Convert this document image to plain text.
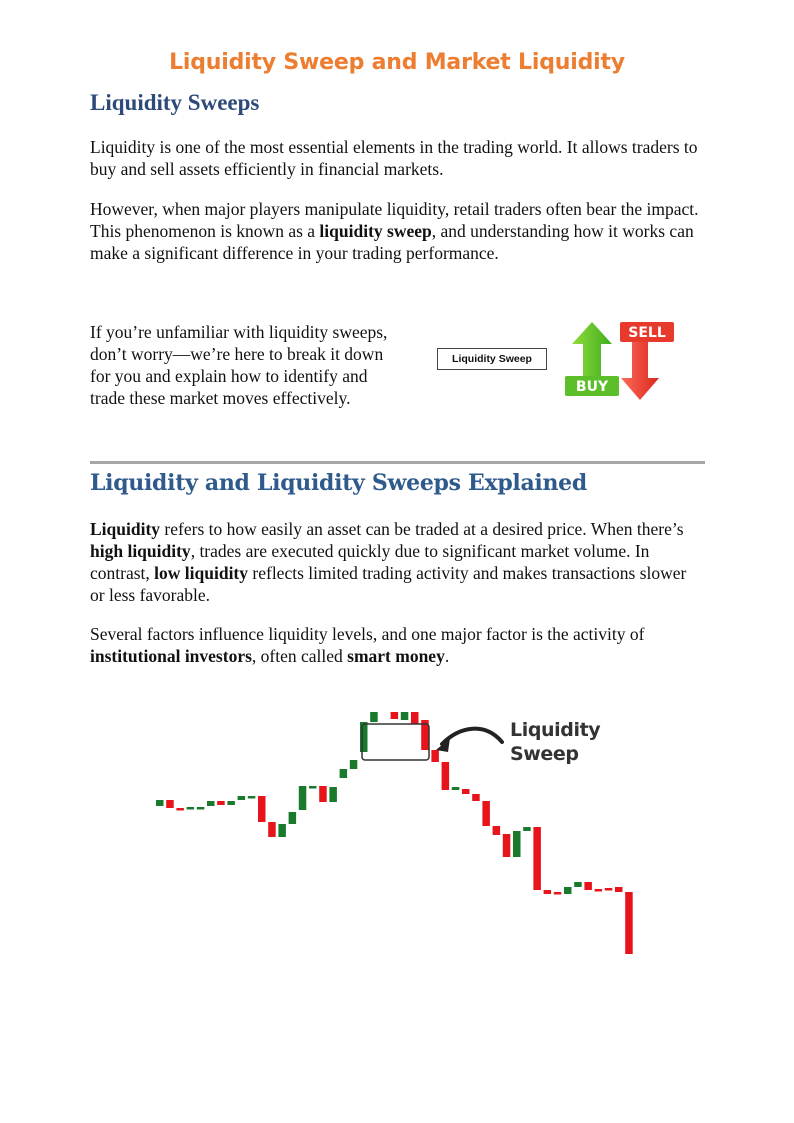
Liquidity Sweep and Market Liquidity
Liquidity Sweeps

Liquidity is one of the most essential elements in the trading world. It allows traders to buy and sell assets efficiently in financial markets.

However, when major players manipulate liquidity, retail traders often bear the impact. This phenomenon is known as a liquidity sweep, and understanding how it works can make a significant difference in your trading performance.

If you’re unfamiliar with liquidity sweeps, don’t worry—we’re here to break it down for you and explain how to identify and trade these market moves effectively.

Liquidity Sweep
SELL
BUY
Liquidity and Liquidity Sweeps Explained

Liquidity refers to how easily an asset can be traded at a desired price. When there’s high liquidity, trades are executed quickly due to significant market volume. In contrast, low liquidity reflects limited trading activity and makes transactions slower or less favorable.

Several factors influence liquidity levels, and one major factor is the activity of institutional investors, often called smart money.

Liquidity Sweep
